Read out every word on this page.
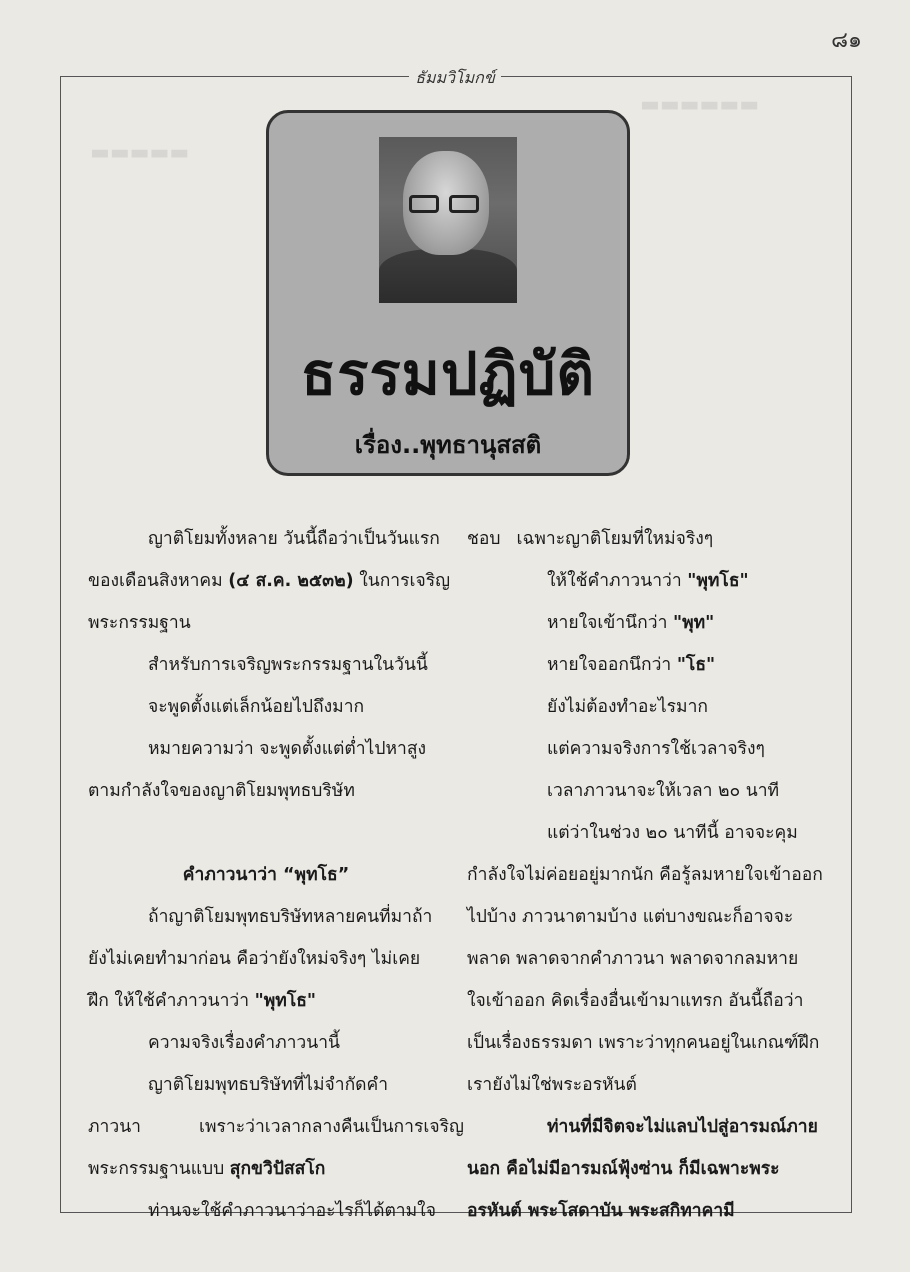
๘๑
ธัมมวิโมกข์
▬▬▬▬▬▬
▬▬▬▬▬
ธรรมปฏิบัติ
เรื่อง..พุทธานุสสติ
ญาติโยมทั้งหลาย วันนี้ถือว่าเป็นวันแรก
ของเดือนสิงหาคม (๔ ส.ค. ๒๕๓๒) ในการเจริญ
พระกรรมฐาน
สำหรับการเจริญพระกรรมฐานในวันนี้
จะพูดตั้งแต่เล็กน้อยไปถึงมาก
หมายความว่า จะพูดตั้งแต่ต่ำไปหาสูง
ตามกำลังใจของญาติโยมพุทธบริษัท
คำภาวนาว่า “พุทโธ”
ถ้าญาติโยมพุทธบริษัทหลายคนที่มาถ้า
ยังไม่เคยทำมาก่อน คือว่ายังใหม่จริงๆ ไม่เคย
ฝึก ให้ใช้คำภาวนาว่า "พุทโธ"
ความจริงเรื่องคำภาวนานี้
ญาติโยมพุทธบริษัทที่ไม่จำกัดคำ
ภาวนา	เพราะว่าเวลากลางคืนเป็นการเจริญ
พระกรรมฐานแบบ สุกขวิปัสสโก
ท่านจะใช้คำภาวนาว่าอะไรก็ได้ตามใจ
ชอบ เฉพาะญาติโยมที่ใหม่จริงๆ
ให้ใช้คำภาวนาว่า "พุทโธ"
หายใจเข้านึกว่า "พุท"
หายใจออกนึกว่า "โธ"
ยังไม่ต้องทำอะไรมาก
แต่ความจริงการใช้เวลาจริงๆ
เวลาภาวนาจะให้เวลา ๒๐ นาที
แต่ว่าในช่วง ๒๐ นาทีนี้ อาจจะคุม
กำลังใจไม่ค่อยอยู่มากนัก คือรู้ลมหายใจเข้าออก
ไปบ้าง ภาวนาตามบ้าง แต่บางขณะก็อาจจะ
พลาด พลาดจากคำภาวนา พลาดจากลมหาย
ใจเข้าออก คิดเรื่องอื่นเข้ามาแทรก อันนี้ถือว่า
เป็นเรื่องธรรมดา เพราะว่าทุกคนอยู่ในเกณฑ์ฝึก
เรายังไม่ใช่พระอรหันต์
ท่านที่มีจิตจะไม่แลบไปสู่อารมณ์ภาย
นอก คือไม่มีอารมณ์ฟุ้งซ่าน ก็มีเฉพาะพระ
อรหันต์ พระโสดาบัน พระสกิทาคามี
